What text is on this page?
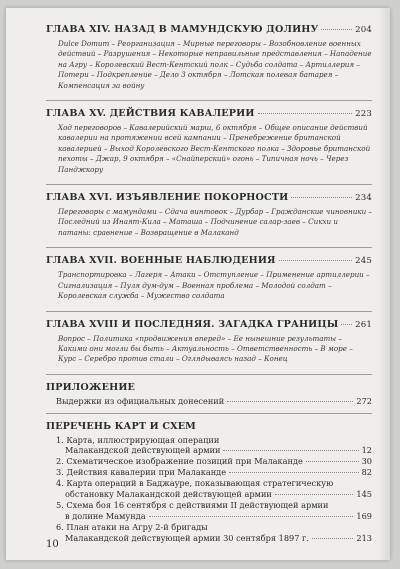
ГЛАВА XIV. НАЗАД В МАМУНДСКУЮ ДОЛИНУ	204
Dulce Domum – Реорганизация – Мирные переговоры – Возобновление военных действий – Разрушения – Некоторые неправильные представления – Нападение на Агру – Королевский Вест-Кентский полк – Судьба солдата – Артиллерия – Потери – Подкрепление – Дело 3 октября – Лотская полевая батарея – Компенсация за войну
ГЛАВА XV. ДЕЙСТВИЯ КАВАЛЕРИИ	223
Ход переговоров – Кавалерийский марш, 6 октября – Общее описание действий кавалерии на протяжении всей кампании – Пренебрежение британской кавалерией – Выход Королевского Вест-Кентского полка – Здоровье британской пехоты – Джар, 9 октября – «Снайперский» огонь – Типичная ночь – Через Панджкору
ГЛАВА XVI. ИЗЪЯВЛЕНИЕ ПОКОРНОСТИ	234
Переговоры с мамундами – Сдача винтовок – Дурбар – Гражданские чиновники – Последний из Инаят-Кила – Маташа – Подчинение салар-заев – Сикхи и патаны: сравнение – Возвращение в Малаканд
ГЛАВА XVII. ВОЕННЫЕ НАБЛЮДЕНИЯ	245
Транспортировка – Лагеря – Атаки – Отступление – Применение артиллерии – Сигнализация – Пуля дум-дум – Военная проблема – Молодой солдат – Королевская служба – Мужество солдата
ГЛАВА XVIII И ПОСЛЕДНЯЯ. ЗАГАДКА ГРАНИЦЫ 261
Вопрос – Политика «продвижения вперед» – Ее нынешние результаты – Какими они могли бы быть – Актуальность – Ответственность – В море – Курс – Серебро против стали – Оглядываясь назад – Конец
ПРИЛОЖЕНИЕ
Выдержки из официальных донесений	272
ПЕРЕЧЕНЬ КАРТ И СХЕМ
1. Карта, иллюстрирующая операции
Малакандской действующей армии	12
2. Схематическое изображение позиций при Малаканде	30
3. Действия кавалерии при Малаканде	82
4. Карта операций в Баджауре, показывающая стратегическую
обстановку Малакандской действующей армии	145
5. Схема боя 16 сентября с действиями II действующей армии
в долине Мамунда	169
6. План атаки на Агру 2-й бригады
Малакандской действующей армии 30 сентября 1897 г.	213
10
